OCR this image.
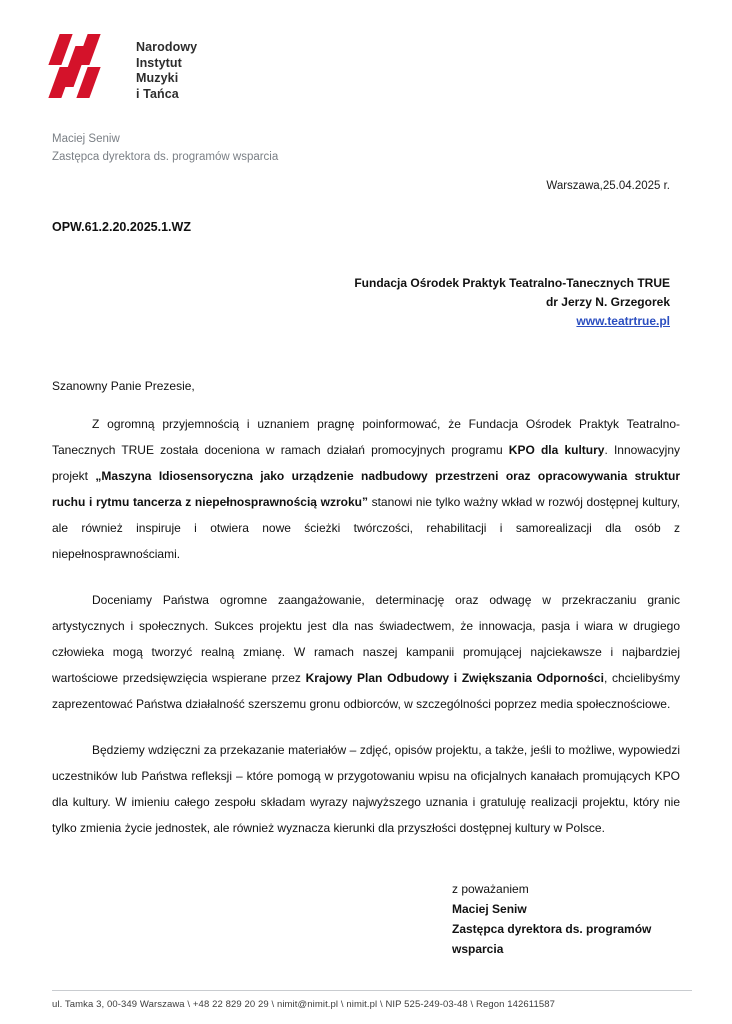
Narodowy
Instytut
Muzyki
i Tańca
Maciej Seniw
Zastępca dyrektora ds. programów wsparcia
Warszawa,25.04.2025 r.
OPW.61.2.20.2025.1.WZ
Fundacja Ośrodek Praktyk Teatralno-Tanecznych TRUE
dr Jerzy N. Grzegorek
www.teatrtrue.pl
Szanowny Panie Prezesie,

Z ogromną przyjemnością i uznaniem pragnę poinformować, że Fundacja Ośrodek Praktyk Teatralno-Tanecznych TRUE została doceniona w ramach działań promocyjnych programu KPO dla kultury. Innowacyjny projekt „Maszyna Idiosensoryczna jako urządzenie nadbudowy przestrzeni oraz opracowywania struktur ruchu i rytmu tancerza z niepełnosprawnością wzroku” stanowi nie tylko ważny wkład w rozwój dostępnej kultury, ale również inspiruje i otwiera nowe ścieżki twórczości, rehabilitacji i samorealizacji dla osób z niepełnosprawnościami.

Doceniamy Państwa ogromne zaangażowanie, determinację oraz odwagę w przekraczaniu granic artystycznych i społecznych. Sukces projektu jest dla nas świadectwem, że innowacja, pasja i wiara w drugiego człowieka mogą tworzyć realną zmianę. W ramach naszej kampanii promującej najciekawsze i najbardziej wartościowe przedsięwzięcia wspierane przez Krajowy Plan Odbudowy i Zwiększania Odporności, chcielibyśmy zaprezentować Państwa działalność szerszemu gronu odbiorców, w szczególności poprzez media społecznościowe.

Będziemy wdzięczni za przekazanie materiałów – zdjęć, opisów projektu, a także, jeśli to możliwe, wypowiedzi uczestników lub Państwa refleksji – które pomogą w przygotowaniu wpisu na oficjalnych kanałach promujących KPO dla kultury. W imieniu całego zespołu składam wyrazy najwyższego uznania i gratuluję realizacji projektu, który nie tylko zmienia życie jednostek, ale również wyznacza kierunki dla przyszłości dostępnej kultury w Polsce.

z poważaniem
Maciej Seniw
Zastępca dyrektora ds. programów wsparcia
ul. Tamka 3, 00-349 Warszawa \ +48 22 829 20 29 \ nimit@nimit.pl \ nimit.pl \ NIP 525-249-03-48 \ Regon 142611587
